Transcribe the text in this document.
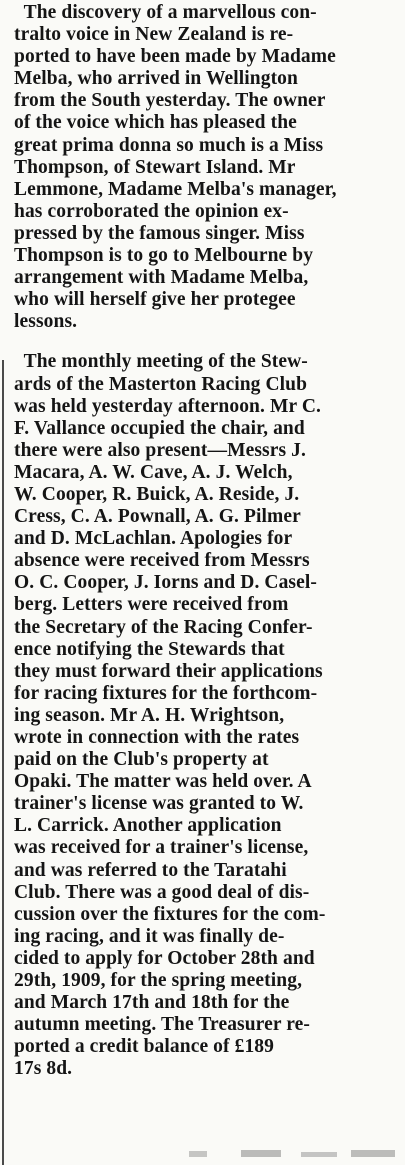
The discovery of a marvellous con-
tralto voice in New Zealand is re-
ported to have been made by Madame
Melba, who arrived in Wellington
from the South yesterday. The owner
of the voice which has pleased the
great prima donna so much is a Miss
Thompson, of Stewart Island. Mr
Lemmone, Madame Melba's manager,
has corroborated the opinion ex-
pressed by the famous singer. Miss
Thompson is to go to Melbourne by
arrangement with Madame Melba,
who will herself give her protegee
lessons.
The monthly meeting of the Stew-
ards of the Masterton Racing Club
was held yesterday afternoon. Mr C.
F. Vallance occupied the chair, and
there were also present—Messrs J.
Macara, A. W. Cave, A. J. Welch,
W. Cooper, R. Buick, A. Reside, J.
Cress, C. A. Pownall, A. G. Pilmer
and D. McLachlan. Apologies for
absence were received from Messrs
O. C. Cooper, J. Iorns and D. Casel-
berg. Letters were received from
the Secretary of the Racing Confer-
ence notifying the Stewards that
they must forward their applications
for racing fixtures for the forthcom-
ing season. Mr A. H. Wrightson,
wrote in connection with the rates
paid on the Club's property at
Opaki. The matter was held over. A
trainer's license was granted to W.
L. Carrick. Another application
was received for a trainer's license,
and was referred to the Taratahi
Club. There was a good deal of dis-
cussion over the fixtures for the com-
ing racing, and it was finally de-
cided to apply for October 28th and
29th, 1909, for the spring meeting,
and March 17th and 18th for the
autumn meeting. The Treasurer re-
ported a credit balance of £189
17s 8d.
